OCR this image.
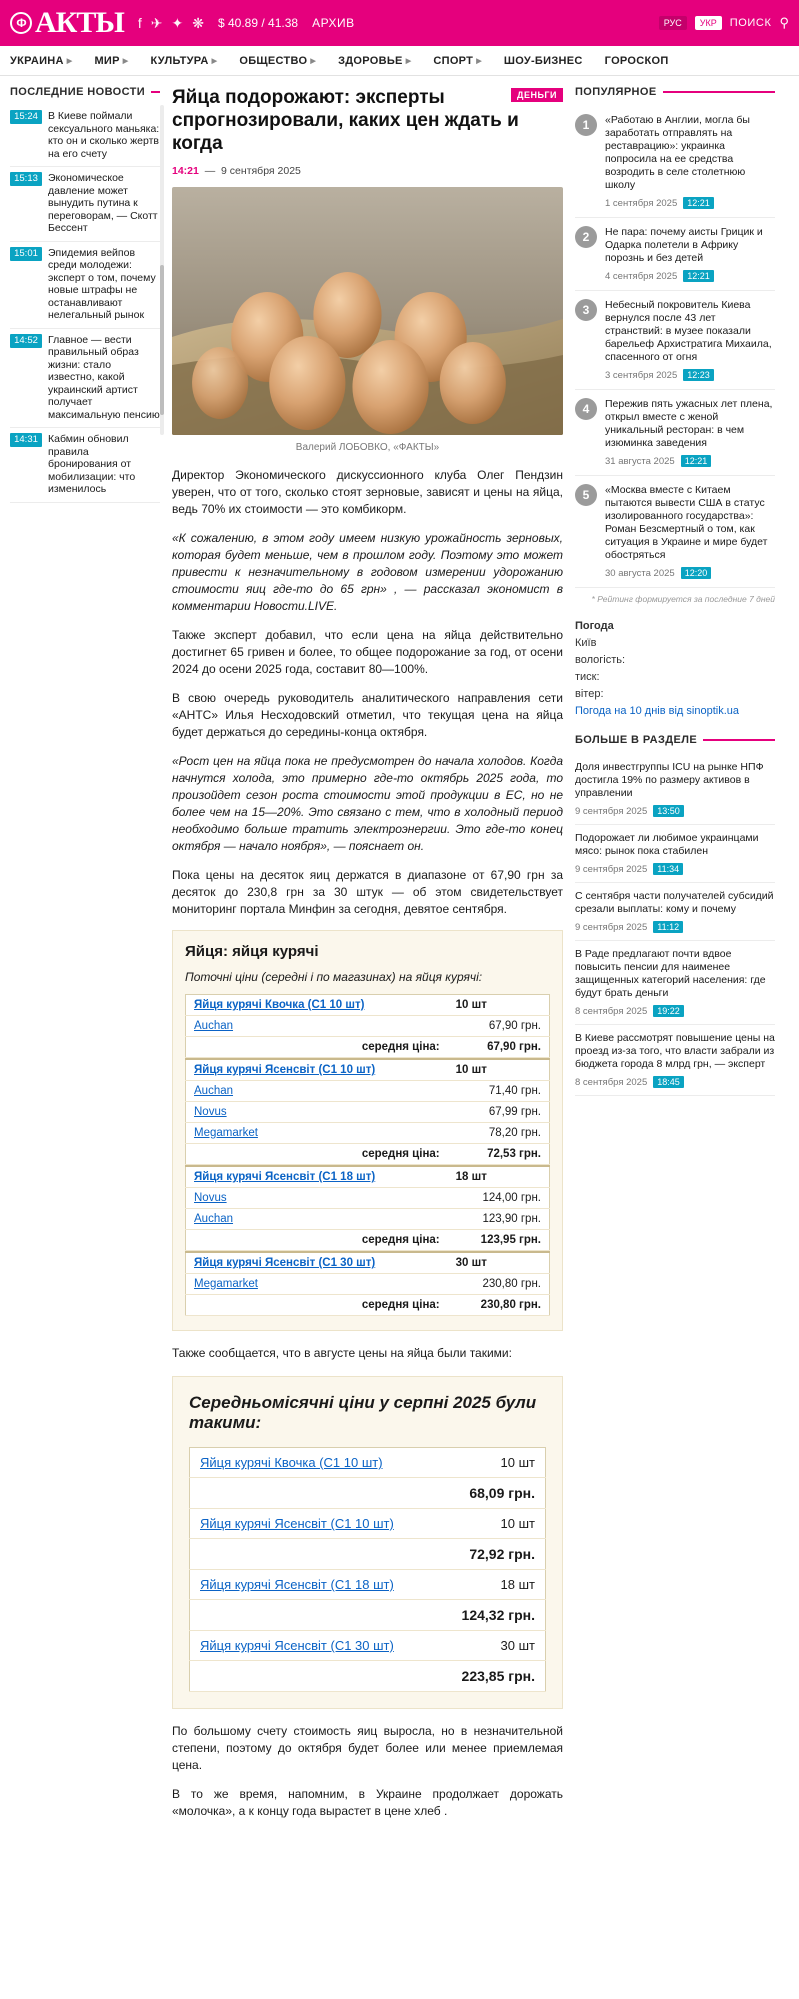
Ф АКТЫ f ✈ ✦ ❋ $ 40.89 / 41.38 АРХИВ	РУС	УКР	ПОИСК ⚲
УКРАИНА ▶ МИР ▶ КУЛЬТУРА ▶ ОБЩЕСТВО ▶ ЗДОРОВЬЕ ▶ СПОРТ ▶ ШОУ-БИЗНЕС ГОРОСКОП
ПОСЛЕДНИЕ НОВОСТИ
15:24 В Киеве поймали сексуального маньяка: кто он и сколько жертв на его счету
15:13 Экономическое давление может вынудить путина к переговорам, — Скотт Бессент
15:01 Эпидемия вейпов среди молодежи: эксперт о том, почему новые штрафы не останавливают нелегальный рынок
14:52 Главное — вести правильный образ жизни: стало известно, какой украинский артист получает максимальную пенсию
14:31 Кабмин обновил правила бронирования от мобилизации: что изменилось
ДЕНЬГИ
Яйца подорожают: эксперты спрогнозировали, каких цен ждать и когда
14:21  —  9 сентября 2025
Валерий ЛОБОВКО, «ФАКТЫ»

Директор Экономического дискуссионного клуба Олег Пендзин уверен, что от того, сколько стоят зерновые, зависят и цены на яйца, ведь 70% их стоимости — это комбикорм.

«К сожалению, в этом году имеем низкую урожайность зерновых, которая будет меньше, чем в прошлом году. Поэтому это может привести к незначительному в годовом измерении удорожанию стоимости яиц где-то до 65 грн» , — рассказал экономист в комментарии Новости.LIVE.

Также эксперт добавил, что если цена на яйца действительно достигнет 65 гривен и более, то общее подорожание за год, от осени 2024 до осени 2025 года, составит 80—100%.

В свою очередь руководитель аналитического направления сети «АНТС» Илья Несходовский отметил, что текущая цена на яйца будет держаться до середины-конца октября.

«Рост цен на яйца пока не предусмотрен до начала холодов. Когда начнутся холода, это примерно где-то октябрь 2025 года, то произойдет сезон роста стоимости этой продукции в ЕС, но не более чем на 15—20%. Это связано с тем, что в холодный период необходимо больше тратить электроэнергии. Это где-то конец октября — начало ноября», — пояснает он.

Пока цены на десяток яиц держатся в диапазоне от 67,90 грн за десяток до 230,8 грн за 30 штук — об этом свидетельствует мониторинг портала Минфин за сегодня, девятое сентября.

Яйця: яйця курячі
Поточні ціни (середні і по магазинах) на яйця курячі:
Яйця курячі Квочка (С1 10 шт)	10 шт
Auchan	67,90 грн.
середня ціна:	67,90 грн.

Яйця курячі Ясенсвіт (С1 10 шт)	10 шт
Auchan	71,40 грн.
Novus	67,99 грн.
Megamarket	78,20 грн.
середня ціна:	72,53 грн.

Яйця курячі Ясенсвіт (С1 18 шт)	18 шт
Novus	124,00 грн.
Auchan	123,90 грн.
середня ціна:	123,95 грн.

Яйця курячі Ясенсвіт (С1 30 шт)	30 шт
Megamarket	230,80 грн.
середня ціна:	230,80 грн.

Также сообщается, что в августе цены на яйца были такими:

Середньомісячні ціни у серпні 2025 були такими:
Яйця курячі Квочка (С1 10 шт)	10 шт
	68,09 грн.
Яйця курячі Ясенсвіт (С1 10 шт)	10 шт
	72,92 грн.
Яйця курячі Ясенсвіт (С1 18 шт)	18 шт
	124,32 грн.
Яйця курячі Ясенсвіт (С1 30 шт)	30 шт
	223,85 грн.

По большому счету стоимость яиц выросла, но в незначительной степени, поэтому до октября будет более или менее приемлемая цена.

В то же время, напомним, в Украине продолжает дорожать «молочка», а к концу года вырастет в цене хлеб .

ПОПУЛЯРНОЕ
1	«Работаю в Англии, могла бы заработать отправлять на реставрацию»: украинка попросила на ее средства возродить в селе столетнюю школу
1 сентября 2025	12:21
2	Не пара: почему аисты Грицик и Одарка полетели в Африку порознь и без детей
4 сентября 2025	12:21
3	Небесный покровитель Киева вернулся после 43 лет странствий: в музее показали барельеф Архистратига Михаила, спасенного от огня
3 сентября 2025	12:23
4	Пережив пять ужасных лет плена, открыл вместе с женой уникальный ресторан: в чем изюминка заведения
31 августа 2025	12:21
5	«Москва вместе с Китаем пытаются вывести США в статус изолированного государства»: Роман Безсмертный о том, как ситуация в Украине и мире будет обостряться
30 августа 2025	12:20
* Рейтинг формируется за последние 7 дней
Погода
Київ
вологість:
тиск:
вітер:
Погода на 10 днів від sinoptik.ua
БОЛЬШЕ В РАЗДЕЛЕ
Доля инвестгруппы ICU на рынке НПФ достигла 19% по размеру активов в управлении
9 сентября 2025	13:50
Подорожает ли любимое украинцами мясо: рынок пока стабилен
9 сентября 2025	11:34
С сентября части получателей субсидий срезали выплаты: кому и почему
9 сентября 2025	11:12
В Раде предлагают почти вдвое повысить пенсии для наименее защищенных категорий населения: где будут брать деньги
8 сентября 2025	19:22
В Киеве рассмотрят повышение цены на проезд из-за того, что власти забрали из бюджета города 8 млрд грн, — эксперт
8 сентября 2025	18:45
